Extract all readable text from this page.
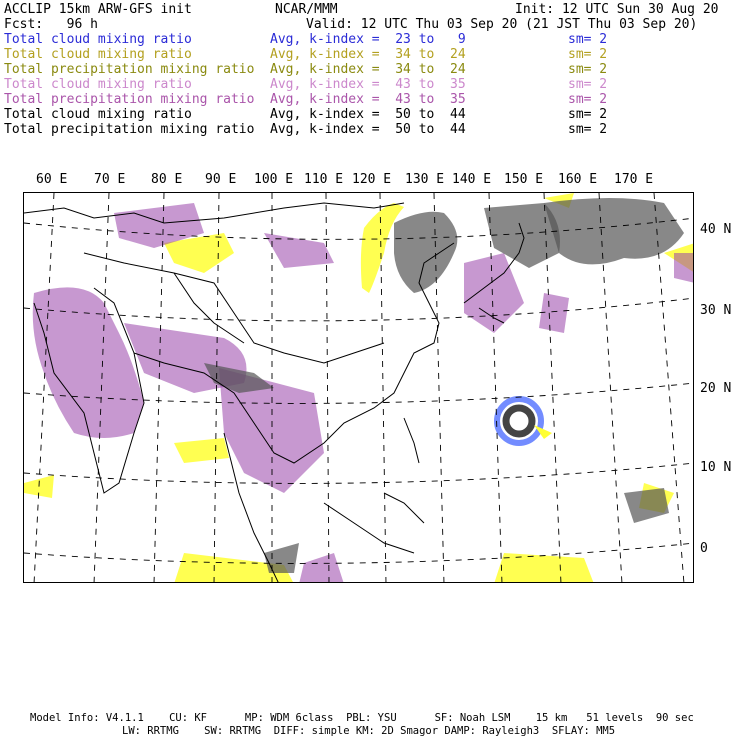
ACCLIP 15km ARW-GFS init	NCAR/MMM	Init: 12 UTC Sun 30 Aug 20
Fcst:   96 h	Valid: 12 UTC Thu 03 Sep 20 (21 JST Thu 03 Sep 20)
Total cloud mixing ratio	Avg, k-index =  23 to   9	sm= 2
Total cloud mixing ratio	Avg, k-index =  34 to  24	sm= 2
Total precipitation mixing ratio Avg, k-index =  34 to  24	sm= 2
Total cloud mixing ratio	Avg, k-index =  43 to  35	sm= 2
Total precipitation mixing ratio Avg, k-index =  43 to  35	sm= 2
Total cloud mixing ratio	Avg, k-index =  50 to  44	sm= 2
Total precipitation mixing ratio Avg, k-index =  50 to  44	sm= 2
60 E 70 E 80 E 90 E 100 E 110 E 120 E 130 E 140 E 150 E 160 E 170 E
40 N
30 N
20 N
10 N
0
Model Info: V4.1.1    CU: KF      MP: WDM 6class  PBL: YSU      SF: Noah LSM    15 km   51 levels  90 sec
LW: RRTMG    SW: RRTMG  DIFF: simple KM: 2D Smagor DAMP: Rayleigh3  SFLAY: MM5
